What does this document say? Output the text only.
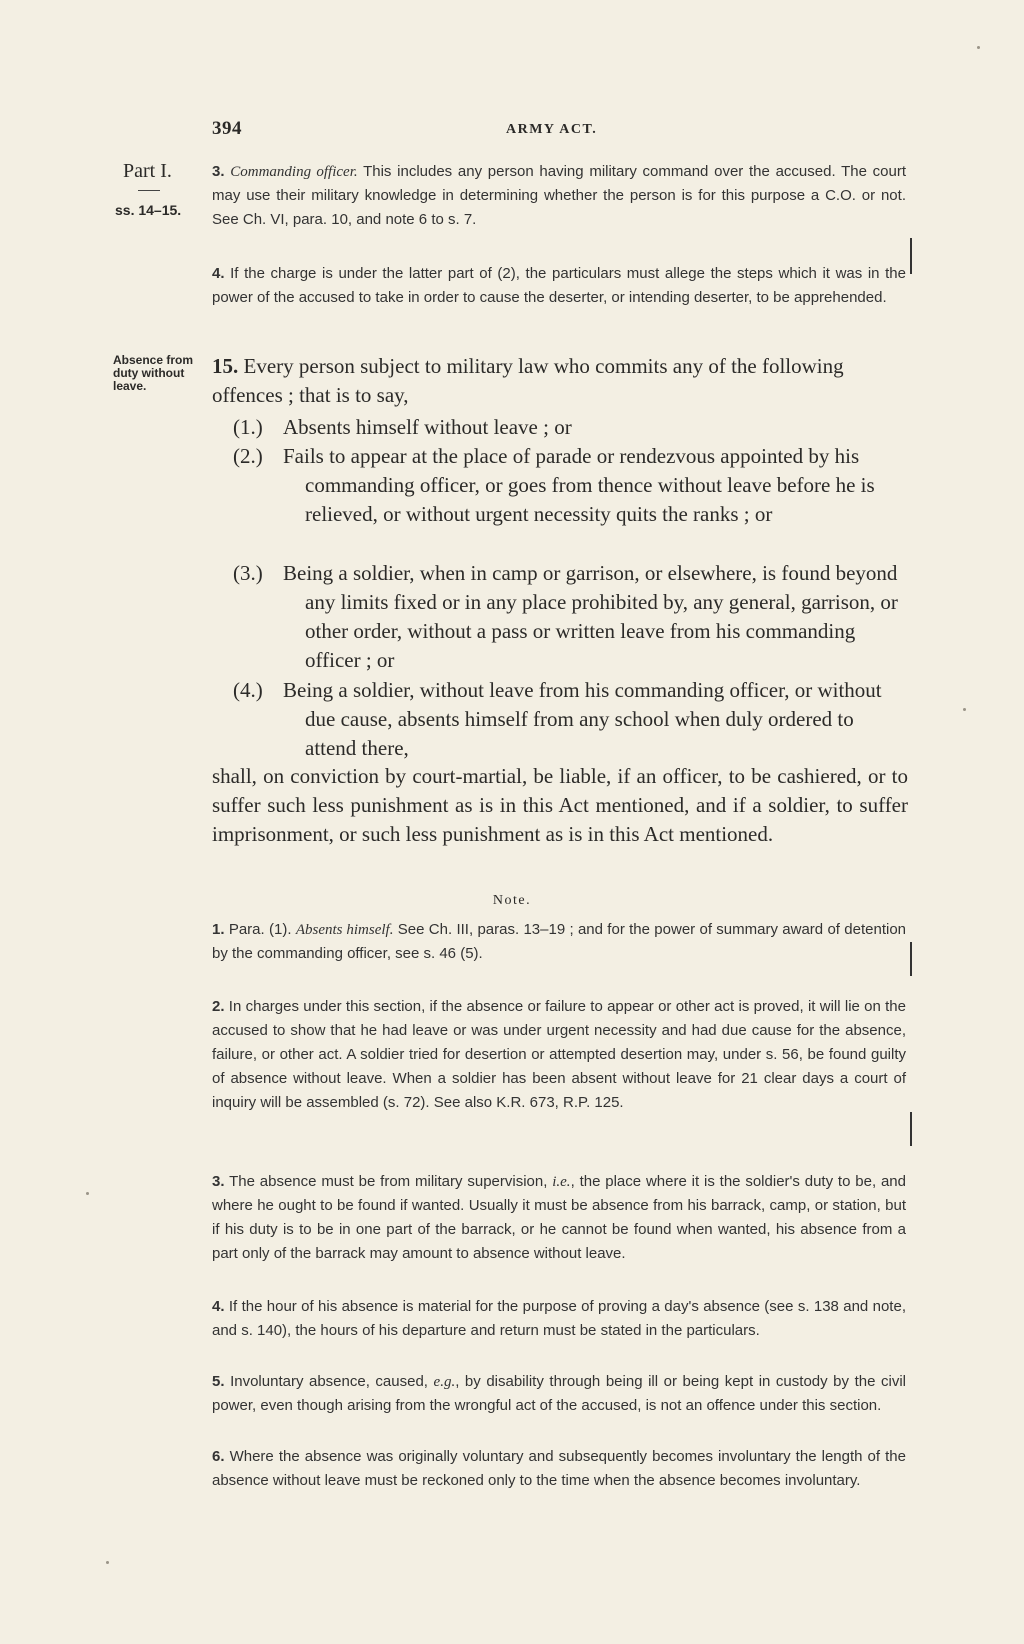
394	ARMY ACT.
Part I.
ss. 14–15.
3. Commanding officer. This includes any person having military command over the accused. The court may use their military knowledge in determining whether the person is for this purpose a C.O. or not. See Ch. VI, para. 10, and note 6 to s. 7.
4. If the charge is under the latter part of (2), the particulars must allege the steps which it was in the power of the accused to take in order to cause the deserter, or intending deserter, to be apprehended.
Absence from duty without leave.
15. Every person subject to military law who commits any of the following offences ; that is to say,
(1.) Absents himself without leave ; or
(2.) Fails to appear at the place of parade or rendezvous appointed by his commanding officer, or goes from thence without leave before he is relieved, or without urgent necessity quits the ranks ; or
(3.) Being a soldier, when in camp or garrison, or elsewhere, is found beyond any limits fixed or in any place prohibited by, any general, garrison, or other order, without a pass or written leave from his commanding officer ; or
(4.) Being a soldier, without leave from his commanding officer, or without due cause, absents himself from any school when duly ordered to attend there,
shall, on conviction by court-martial, be liable, if an officer, to be cashiered, or to suffer such less punishment as is in this Act mentioned, and if a soldier, to suffer imprisonment, or such less punishment as is in this Act mentioned.
Note.
1. Para. (1). Absents himself. See Ch. III, paras. 13–19 ; and for the power of summary award of detention by the commanding officer, see s. 46 (5).
2. In charges under this section, if the absence or failure to appear or other act is proved, it will lie on the accused to show that he had leave or was under urgent necessity and had due cause for the absence, failure, or other act. A soldier tried for desertion or attempted desertion may, under s. 56, be found guilty of absence without leave. When a soldier has been absent without leave for 21 clear days a court of inquiry will be assembled (s. 72). See also K.R. 673, R.P. 125.
3. The absence must be from military supervision, i.e., the place where it is the soldier's duty to be, and where he ought to be found if wanted. Usually it must be absence from his barrack, camp, or station, but if his duty is to be in one part of the barrack, or he cannot be found when wanted, his absence from a part only of the barrack may amount to absence without leave.
4. If the hour of his absence is material for the purpose of proving a day's absence (see s. 138 and note, and s. 140), the hours of his departure and return must be stated in the particulars.
5. Involuntary absence, caused, e.g., by disability through being ill or being kept in custody by the civil power, even though arising from the wrongful act of the accused, is not an offence under this section.
6. Where the absence was originally voluntary and subsequently becomes involuntary the length of the absence without leave must be reckoned only to the time when the absence becomes involuntary.
